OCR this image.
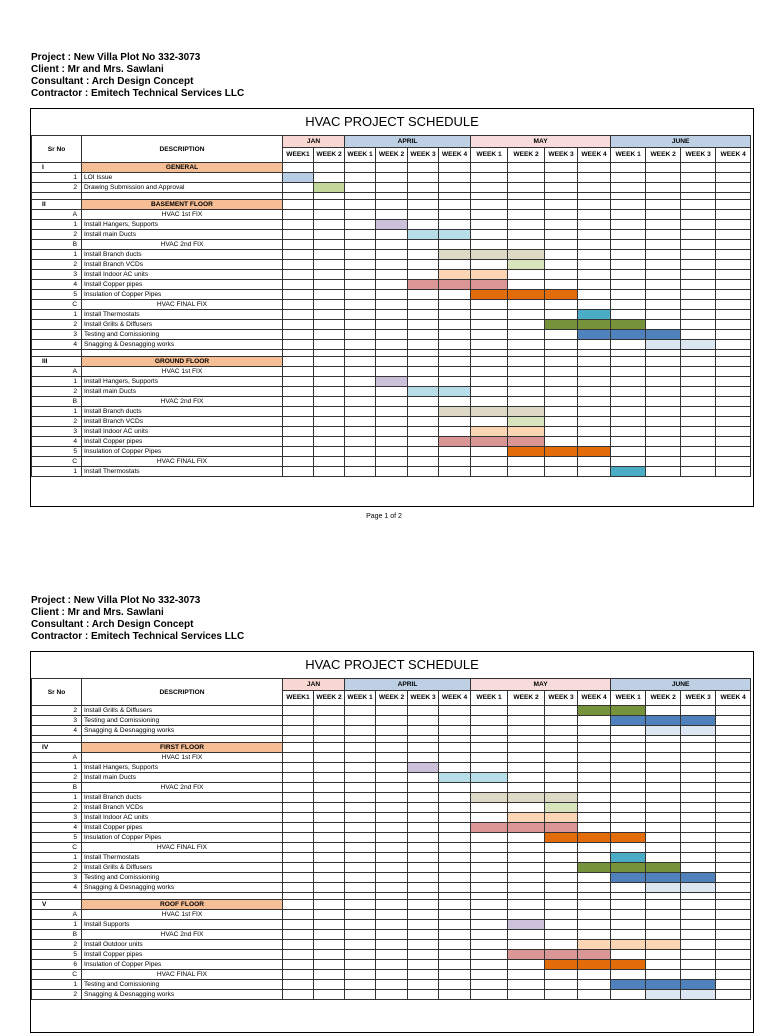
Project : New Villa Plot No 332-3073
Client : Mr and Mrs. Sawlani
Consultant : Arch Design Concept
Contractor : Emitech Technical Services LLC
HVAC PROJECT SCHEDULE
Sr No	DESCRIPTION	JAN		APRIL				MAY				JUNE			
		WEEK1	WEEK 2	WEEK 1	WEEK 2	WEEK 3	WEEK 4	WEEK 1	WEEK 2	WEEK 3	WEEK 4	WEEK 1	WEEK 2	WEEK 3	WEEK 4
I	GENERAL														
1	LOI Issue														
2	Drawing Submission and Approval														

II	BASEMENT FLOOR														
A	HVAC 1st FIX														
1	Install Hangers, Supports														
2	Install main Ducts														
B	HVAC 2nd FIX														
1	Install Branch ducts														
2	Install Branch VCDs														
3	Install Indoor AC units														
4	Install Copper pipes														
5	Insulation of Copper Pipes														
C	HVAC FINAL FIX														
1	Install Thermostats														
2	Install Grills & Diffusers														
3	Testing and Comissioning														
4	Snagging & Desnagging works														

III	GROUND FLOOR														
A	HVAC 1st FIX														
1	Install Hangers, Supports														
2	Install main Ducts														
B	HVAC 2nd FIX														
1	Install Branch ducts														
2	Install Branch VCDs														
3	Install Indoor AC units														
4	Install Copper pipes														
5	Insulation of Copper Pipes														
C	HVAC FINAL FIX														
1	Install Thermostats														
Page 1 of 2
Project : New Villa Plot No 332-3073
Client : Mr and Mrs. Sawlani
Consultant : Arch Design Concept
Contractor : Emitech Technical Services LLC
HVAC PROJECT SCHEDULE
Sr No	DESCRIPTION	JAN		APRIL				MAY				JUNE			
		WEEK1	WEEK 2	WEEK 1	WEEK 2	WEEK 3	WEEK 4	WEEK 1	WEEK 2	WEEK 3	WEEK 4	WEEK 1	WEEK 2	WEEK 3	WEEK 4
2	Install Grills & Diffusers														
3	Testing and Comissioning														
4	Snagging & Desnagging works														

IV	FIRST FLOOR														
A	HVAC 1st FIX														
1	Install Hangers, Supports														
2	Install main Ducts														
B	HVAC 2nd FIX														
1	Install Branch ducts														
2	Install Branch VCDs														
3	Install Indoor AC units														
4	Install Copper pipes														
5	Insulation of Copper Pipes														
C	HVAC FINAL FIX														
1	Install Thermostats														
2	Install Grills & Diffusers														
3	Testing and Comissioning														
4	Snagging & Desnagging works														

V	ROOF FLOOR														
A	HVAC 1st FIX														
1	Install Supports														
B	HVAC 2nd FIX														
2	Install Outdoor units														
5	Install Copper pipes														
6	Insulation of Copper Pipes														
C	HVAC FINAL FIX														
1	Testing and Comissioning														
2	Snagging & Desnagging works														
